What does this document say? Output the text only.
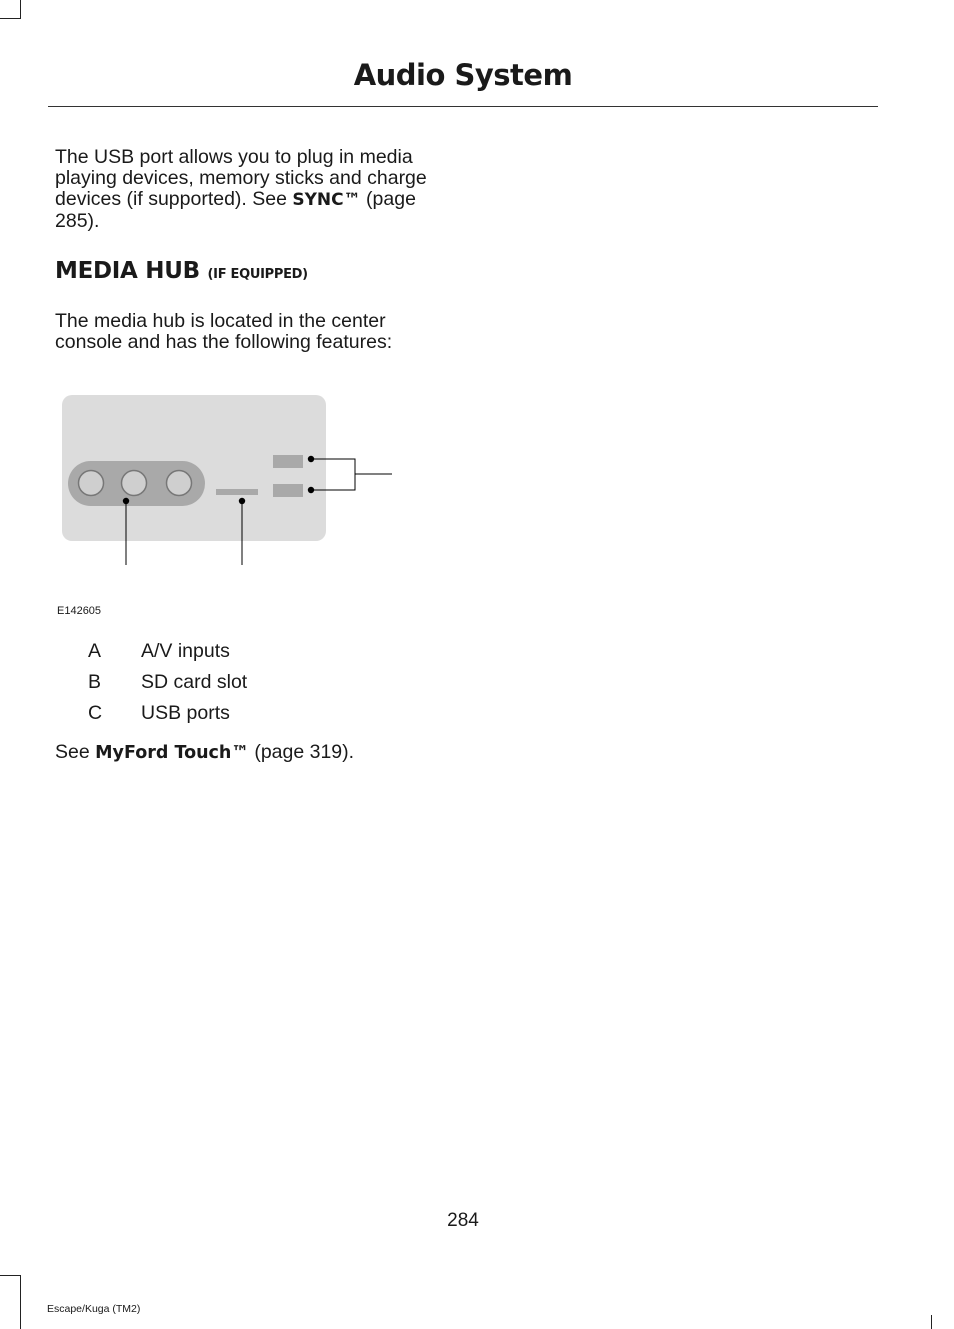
Audio System

The USB port allows you to plug in media playing devices, memory sticks and charge devices (if supported). See SYNC™ (page 285).

MEDIA HUB (IF EQUIPPED)

The media hub is located in the center console and has the following features:

E142605
A A/V inputs
B SD card slot
C USB ports
See MyFord Touch™ (page 319).
284
Escape/Kuga (TM2)
